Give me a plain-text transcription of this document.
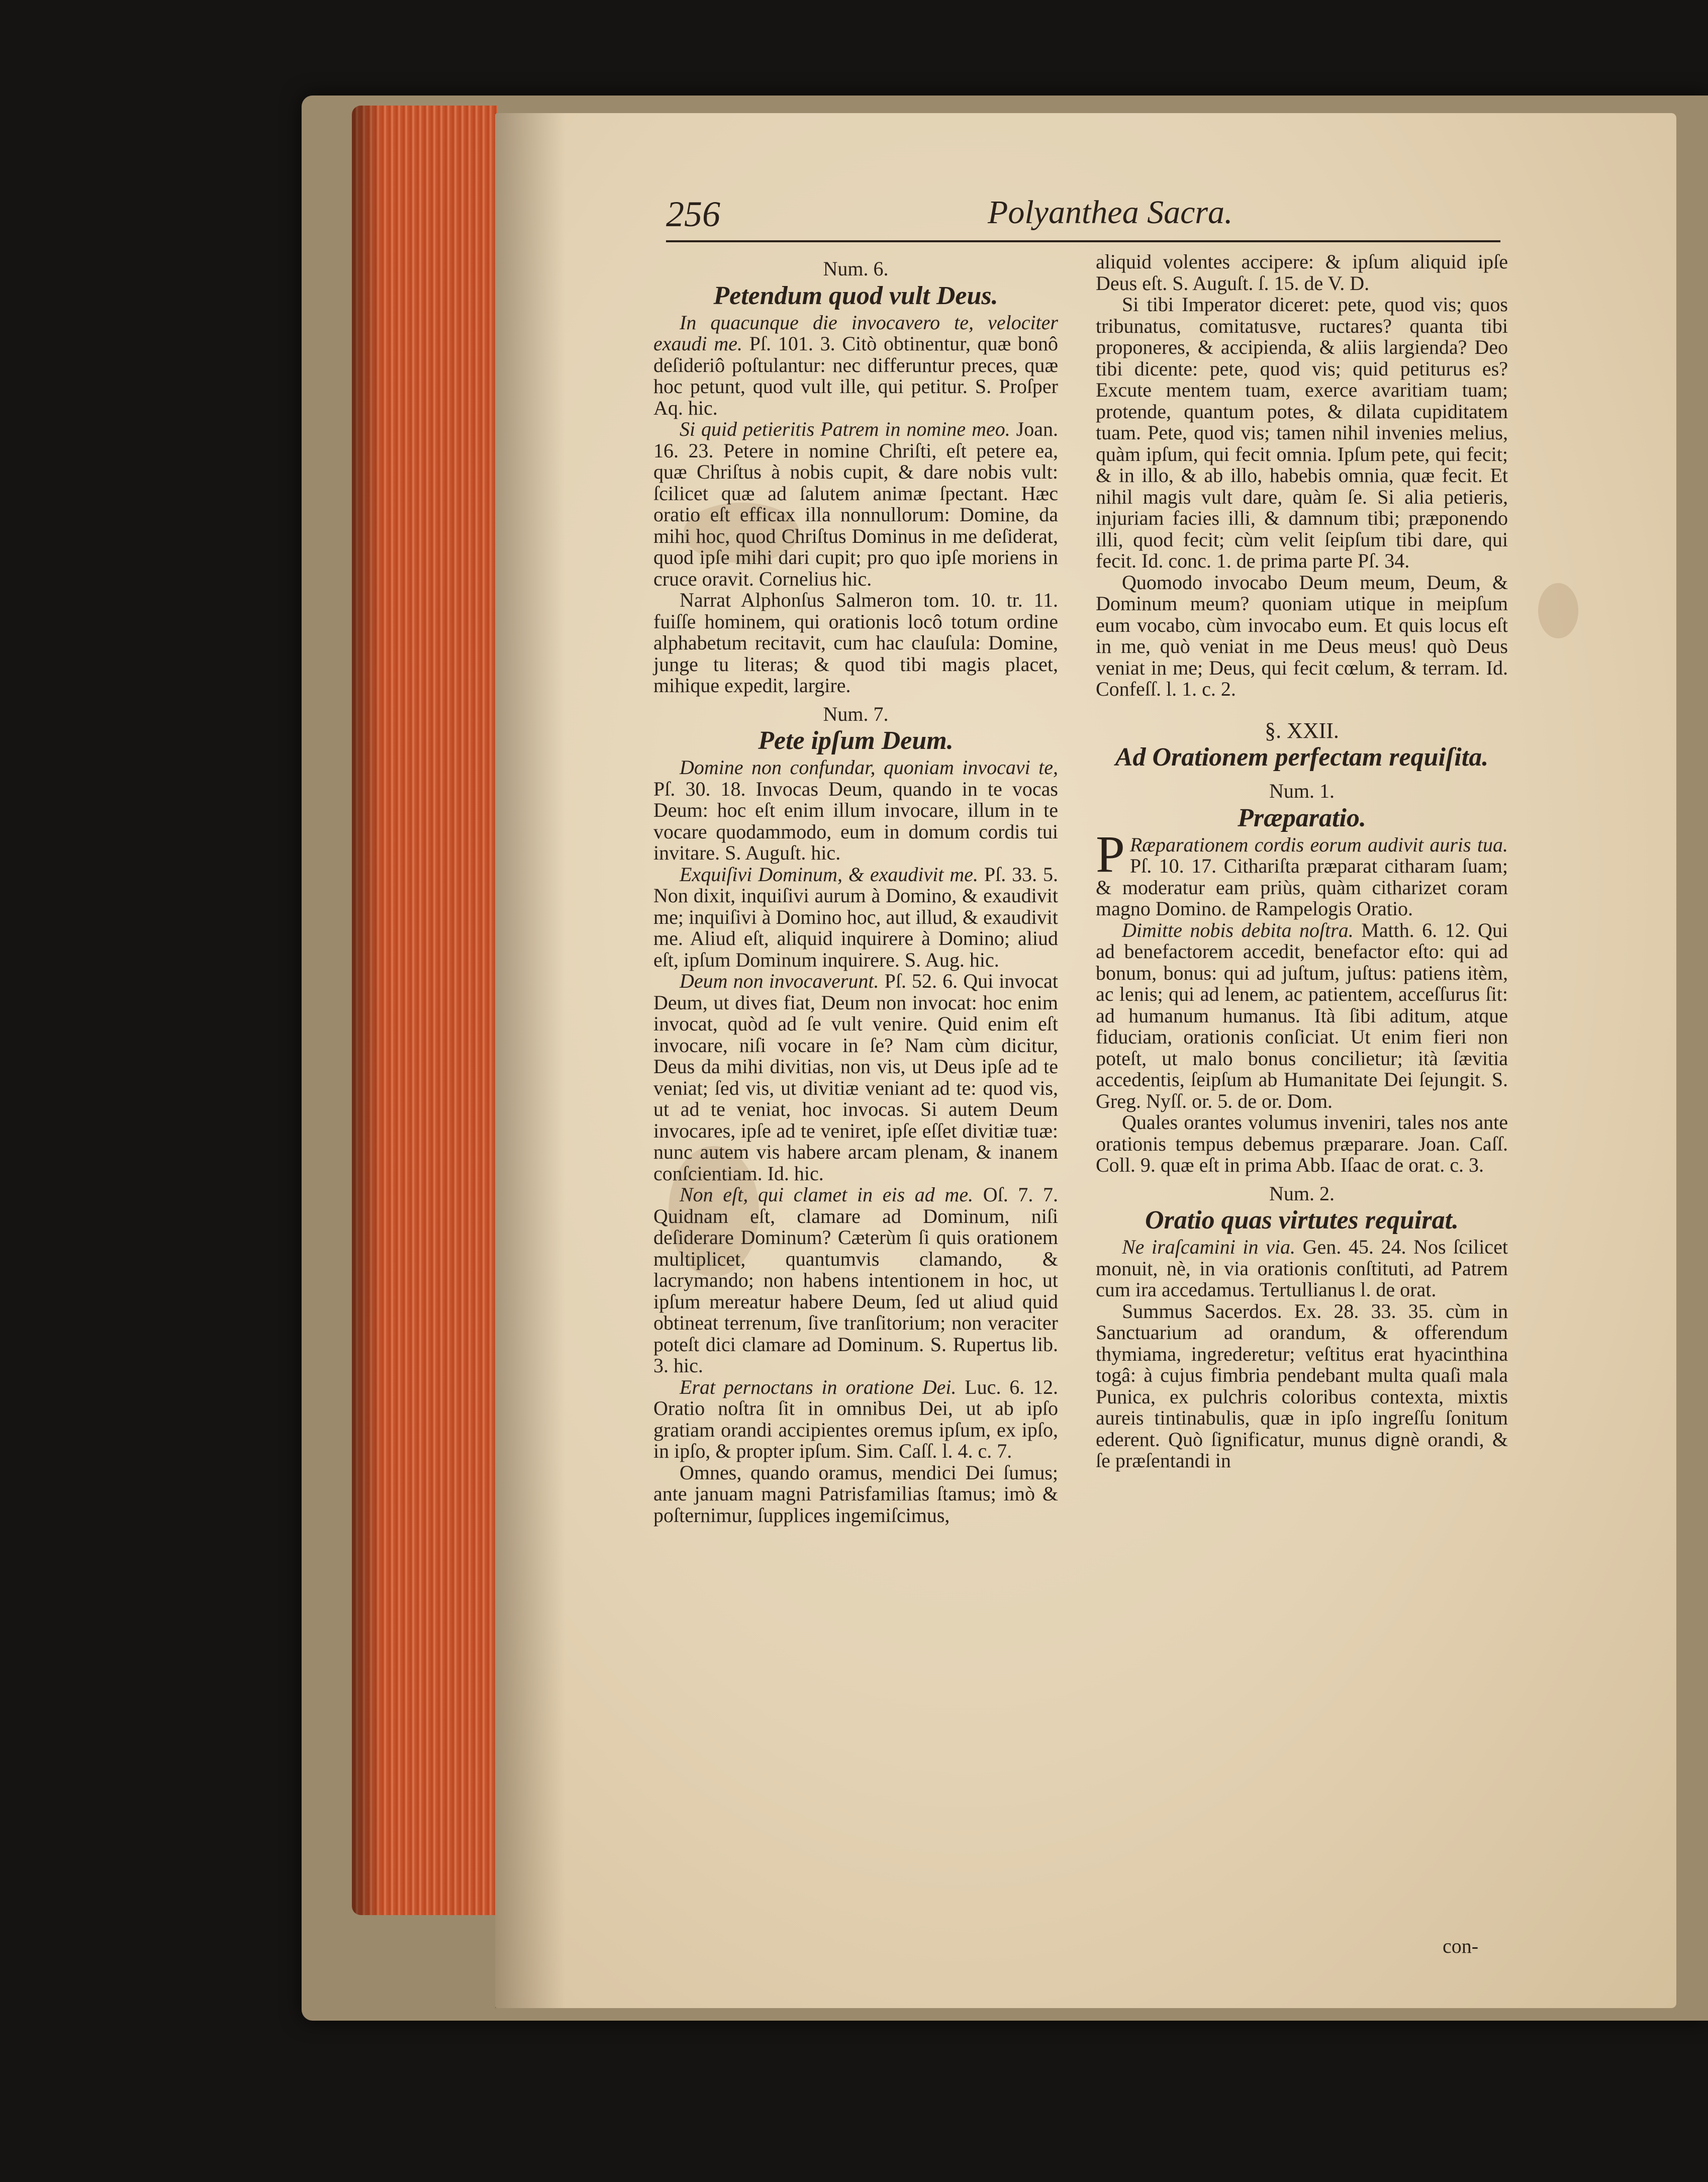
256	Polyanthea Sacra.

Num. 6.

Petendum quod vult Deus.

In quacunque die invocavero te, velociter exaudi me. Pſ. 101. 3. Citò obtinentur, quæ bonô deſideriô poſtulantur: nec differuntur preces, quæ hoc petunt, quod vult ille, qui petitur. S. Proſper Aq. hic.

Si quid petieritis Patrem in nomine meo. Joan. 16. 23. Petere in nomine Chriſti, eſt petere ea, quæ Chriſtus à nobis cupit, & dare nobis vult: ſcilicet quæ ad ſalutem animæ ſpectant. Hæc oratio eſt efficax illa nonnullorum: Domine, da mihi hoc, quod Chriſtus Dominus in me deſiderat, quod ipſe mihi dari cupit; pro quo ipſe moriens in cruce oravit. Cornelius hic.

Narrat Alphonſus Salmeron tom. 10. tr. 11. fuiſſe hominem, qui orationis locô totum ordine alphabetum recitavit, cum hac clauſula: Domine, junge tu literas; & quod tibi magis placet, mihique expedit, largire.

Num. 7.

Pete ipſum Deum.

Domine non confundar, quoniam invocavi te, Pſ. 30. 18. Invocas Deum, quando in te vocas Deum: hoc eſt enim illum invocare, illum in te vocare quodammodo, eum in domum cordis tui invitare. S. Auguſt. hic.

Exquiſivi Dominum, & exaudivit me. Pſ. 33. 5. Non dixit, inquiſivi aurum à Domino, & exaudivit me; inquiſivi à Domino hoc, aut illud, & exaudivit me. Aliud eſt, aliquid inquirere à Domino; aliud eſt, ipſum Dominum inquirere. S. Aug. hic.

Deum non invocaverunt. Pſ. 52. 6. Qui invocat Deum, ut dives fiat, Deum non invocat: hoc enim invocat, quòd ad ſe vult venire. Quid enim eſt invocare, niſi vocare in ſe? Nam cùm dicitur, Deus da mihi divitias, non vis, ut Deus ipſe ad te veniat; ſed vis, ut divitiæ veniant ad te: quod vis, ut ad te veniat, hoc invocas. Si autem Deum invocares, ipſe ad te veniret, ipſe eſſet divitiæ tuæ: nunc autem vis habere arcam plenam, & inanem conſcientiam. Id. hic.

Non eſt, qui clamet in eis ad me. Oſ. 7. 7. Quidnam eſt, clamare ad Dominum, niſi deſiderare Dominum? Cæterùm ſi quis orationem multiplicet, quantumvis clamando, & lacrymando; non habens intentionem in hoc, ut ipſum mereatur habere Deum, ſed ut aliud quid obtineat terrenum, ſive tranſitorium; non veraciter poteſt dici clamare ad Dominum. S. Rupertus lib. 3. hic.

Erat pernoctans in oratione Dei. Luc. 6. 12. Oratio noſtra ſit in omnibus Dei, ut ab ipſo gratiam orandi accipientes oremus ipſum, ex ipſo, in ipſo, & propter ipſum. Sim. Caſſ. l. 4. c. 7.

Omnes, quando oramus, mendici Dei ſumus; ante januam magni Patrisfamilias ſtamus; imò & poſternimur, ſupplices ingemiſcimus,

aliquid volentes accipere: & ipſum aliquid ipſe Deus eſt. S. Auguſt. ſ. 15. de V. D.

Si tibi Imperator diceret: pete, quod vis; quos tribunatus, comitatusve, ructares? quanta tibi proponeres, & accipienda, & aliis largienda? Deo tibi dicente: pete, quod vis; quid petiturus es? Excute mentem tuam, exerce avaritiam tuam; protende, quantum potes, & dilata cupiditatem tuam. Pete, quod vis; tamen nihil invenies melius, quàm ipſum, qui fecit omnia. Ipſum pete, qui fecit; & in illo, & ab illo, habebis omnia, quæ fecit. Et nihil magis vult dare, quàm ſe. Si alia petieris, injuriam facies illi, & damnum tibi; præponendo illi, quod fecit; cùm velit ſeipſum tibi dare, qui fecit. Id. conc. 1. de prima parte Pſ. 34.

Quomodo invocabo Deum meum, Deum, & Dominum meum? quoniam utique in meipſum eum vocabo, cùm invocabo eum. Et quis locus eſt in me, quò veniat in me Deus meus! quò Deus veniat in me; Deus, qui fecit cœlum, & terram. Id. Confeſſ. l. 1. c. 2.

§. XXII.

Ad Orationem perfectam requiſita.

Num. 1.

Præparatio.

P Ræparationem cordis eorum audivit auris tua. Pſ. 10. 17. Cithariſta præparat citharam ſuam; & moderatur eam priùs, quàm citharizet coram magno Domino. de Rampelogis Oratio.

Dimitte nobis debita noſtra. Matth. 6. 12. Qui ad benefactorem accedit, benefactor eſto: qui ad bonum, bonus: qui ad juſtum, juſtus: patiens itèm, ac lenis; qui ad lenem, ac patientem, acceſſurus ſit: ad humanum humanus. Ità ſibi aditum, atque fiduciam, orationis conſiciat. Ut enim fieri non poteſt, ut malo bonus concilietur; ità ſævitia accedentis, ſeipſum ab Humanitate Dei ſejungit. S. Greg. Nyſſ. or. 5. de or. Dom.

Quales orantes volumus inveniri, tales nos ante orationis tempus debemus præparare. Joan. Caſſ. Coll. 9. quæ eſt in prima Abb. Iſaac de orat. c. 3.

Num. 2.

Oratio quas virtutes requirat.

Ne iraſcamini in via. Gen. 45. 24. Nos ſcilicet monuit, nè, in via orationis conſtituti, ad Patrem cum ira accedamus. Tertullianus l. de orat.

Summus Sacerdos. Ex. 28. 33. 35. cùm in Sanctuarium ad orandum, & offerendum thymiama, ingrederetur; veſtitus erat hyacinthina togâ: à cujus fimbria pendebant multa quaſi mala Punica, ex pulchris coloribus contexta, mixtis aureis tintinabulis, quæ in ipſo ingreſſu ſonitum ederent. Quò ſignificatur, munus dignè orandi, & ſe præſentandi in

con-
